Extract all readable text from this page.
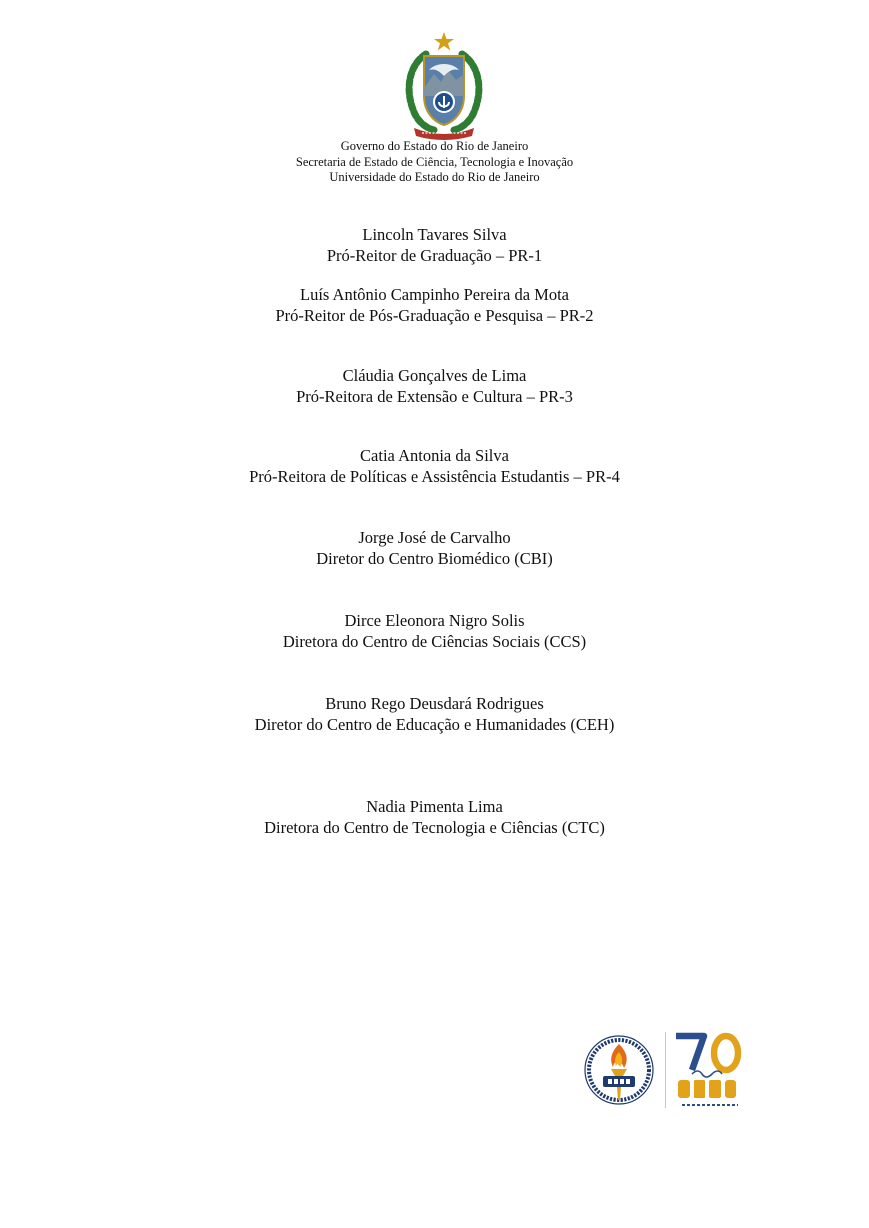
Governo do Estado do Rio de Janeiro
Secretaria de Estado de Ciência, Tecnologia e Inovação
Universidade do Estado do Rio de Janeiro
Lincoln Tavares Silva
Pró-Reitor de Graduação – PR-1
Luís Antônio Campinho Pereira da Mota
Pró-Reitor de Pós-Graduação e Pesquisa – PR-2
Cláudia Gonçalves de Lima
Pró-Reitora de Extensão e Cultura – PR-3
Catia Antonia da Silva
Pró-Reitora de Políticas e Assistência Estudantis – PR-4
Jorge José de Carvalho
Diretor do Centro Biomédico (CBI)
Dirce Eleonora Nigro Solis
Diretora do Centro de Ciências Sociais (CCS)
Bruno Rego Deusdará Rodrigues
Diretor do Centro de Educação e Humanidades (CEH)
Nadia Pimenta Lima
Diretora do Centro de Tecnologia e Ciências (CTC)
